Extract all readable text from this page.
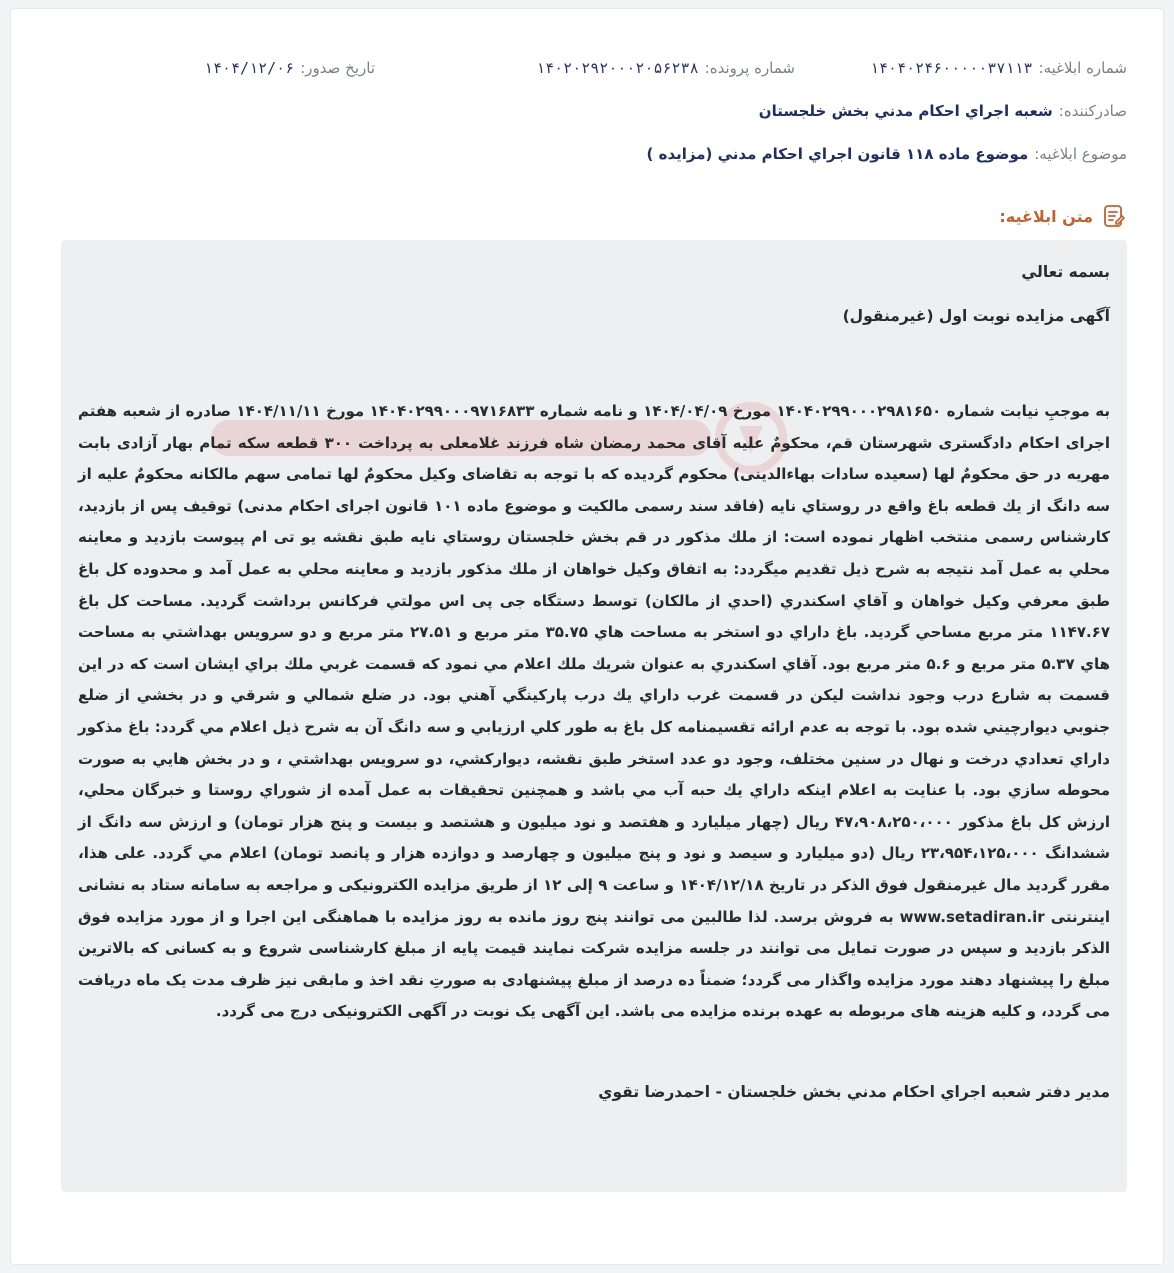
شماره ابلاغیه:
۱۴۰۴۰۲۴۶۰۰۰۰۰۳۷۱۱۳
شماره پرونده:
۱۴۰۲۰۲۹۲۰۰۰۲۰۵۶۲۳۸
تاریخ صدور:
۱۴۰۴/۱۲/۰۶
صادرکننده:
شعبه اجراي احكام مدني بخش خلجستان
موضوع ابلاغیه:
موضوع ماده ۱۱۸ قانون اجراي احكام مدني (مزايده )
متن ابلاغیه:

بسمه تعالي

آگهی مزایده نوبت اول (غیرمنقول)

به موجبِ نیابت شماره ۱۴۰۴۰۲۹۹۰۰۰۲۹۸۱۶۵۰ مورخ ۱۴۰۴/۰۴/۰۹ و نامه شماره ۱۴۰۴۰۲۹۹۰۰۰۹۷۱۶۸۳۳ مورخ ۱۴۰۴/۱۱/۱۱ صادره از شعبه هفتم اجرای احکام دادگستری شهرستان قم، محکومٌ علیه آقای محمد رمضان شاه فرزند غلامعلی به پرداخت ۳۰۰ قطعه سکه تمام بهار آزادی بابت مهریه در حق محکومٌ لها (سعیده سادات بهاءالدینی) محکوم گردیده که با توجه به تقاضای وکیل محکومٌ لها تمامی سهم مالکانه محکومٌ علیه از سه دانگ از يك قطعه باغ واقع در روستاي نايه (فاقد سند رسمی مالکیت و موضوع ماده ۱۰۱ قانون اجرای احکام مدنی) توقیف پس از بازدید، کارشناس رسمی منتخب اظهار نموده است: از ملك مذکور در قم بخش خلجستان روستاي نايه طبق نقشه يو تی ام پيوست بازديد و معاينه محلي به عمل آمد نتيجه به شرح ذيل تقديم ميگردد: به اتفاق وكيل خواهان از ملك مذكور بازديد و معاينه محلي به عمل آمد و محدوده كل باغ طبق معرفي وكيل خواهان و آقاي اسكندري (احدي از مالكان) توسط دستگاه جی پی اس مولتي فركانس برداشت گرديد. مساحت كل باغ ۱۱۴۷.۶۷ متر مربع مساحي گرديد. باغ داراي دو استخر به مساحت هاي ۳۵.۷۵ متر مربع و ۲۷.۵۱ متر مربع و دو سرويس بهداشتي به مساحت هاي ۵.۳۷ متر مربع و ۵.۶ متر مربع بود. آقاي اسكندري به عنوان شريك ملك اعلام مي نمود كه قسمت غربي ملك براي ايشان است كه در اين قسمت به شارع درب وجود نداشت ليكن در قسمت غرب داراي يك درب پاركينگي آهني بود. در ضلع شمالي و شرقي و در بخشي از ضلع جنوبي ديوارچيني شده بود. با توجه به عدم ارائه تقسيمنامه كل باغ به طور كلي ارزيابي و سه دانگ آن به شرح ذيل اعلام مي گردد: باغ مذكور داراي تعدادي درخت و نهال در سنين مختلف، وجود دو عدد استخر طبق نقشه، ديواركشي، دو سرويس بهداشتي ، و در بخش هايي به صورت محوطه سازي بود. با عنايت به اعلام اينكه داراي يك حبه آب مي باشد و همچنين تحقيقات به عمل آمده از شوراي روستا و خبرگان محلي، ارزش كل باغ مذكور ۴۷،۹۰۸،۲۵۰،۰۰۰ ريال (چهار ميليارد و هفتصد و نود ميليون و هشتصد و بيست و پنج هزار تومان) و ارزش سه دانگ از ششدانگ ۲۳،۹۵۴،۱۲۵،۰۰۰ ريال (دو ميليارد و سيصد و نود و پنج ميليون و چهارصد و دوازده هزار و پانصد تومان) اعلام مي گردد. علی هذا، مقرر گردید مال غیرمنقول فوق الذکر در تاریخ ۱۴۰۴/۱۲/۱۸ و ساعت ۹ إلی ۱۲ از طريق مزايده الكترونيكی و مراجعه به سامانه ستاد به نشانی اينترنتی www.setadiran.ir به فروش برسد. لذا طالبين می توانند پنج روز مانده به روز مزایده با هماهنگی این اجرا و از مورد مزایده فوق الذکر بازدید و سپس در صورت تمایل می توانند در جلسه مزایده شرکت نمایند قیمت پایه از مبلغ کارشناسی شروع و به کسانی که بالاترین مبلغ را پیشنهاد دهند مورد مزایده واگذار می گردد؛ ضمناً ده درصد از مبلغ پیشنهادی به صورتِ نقد اخذ و مابقی نیز ظرف مدت یک ماه دریافت می گردد، و کلیه هزینه های مربوطه به عهده برنده مزایده می باشد. این آگهی یک نوبت در آگهی الکترونیکی درج می گردد.

مدير دفتر شعبه اجراي احكام مدني بخش خلجستان - احمدرضا تقوي
